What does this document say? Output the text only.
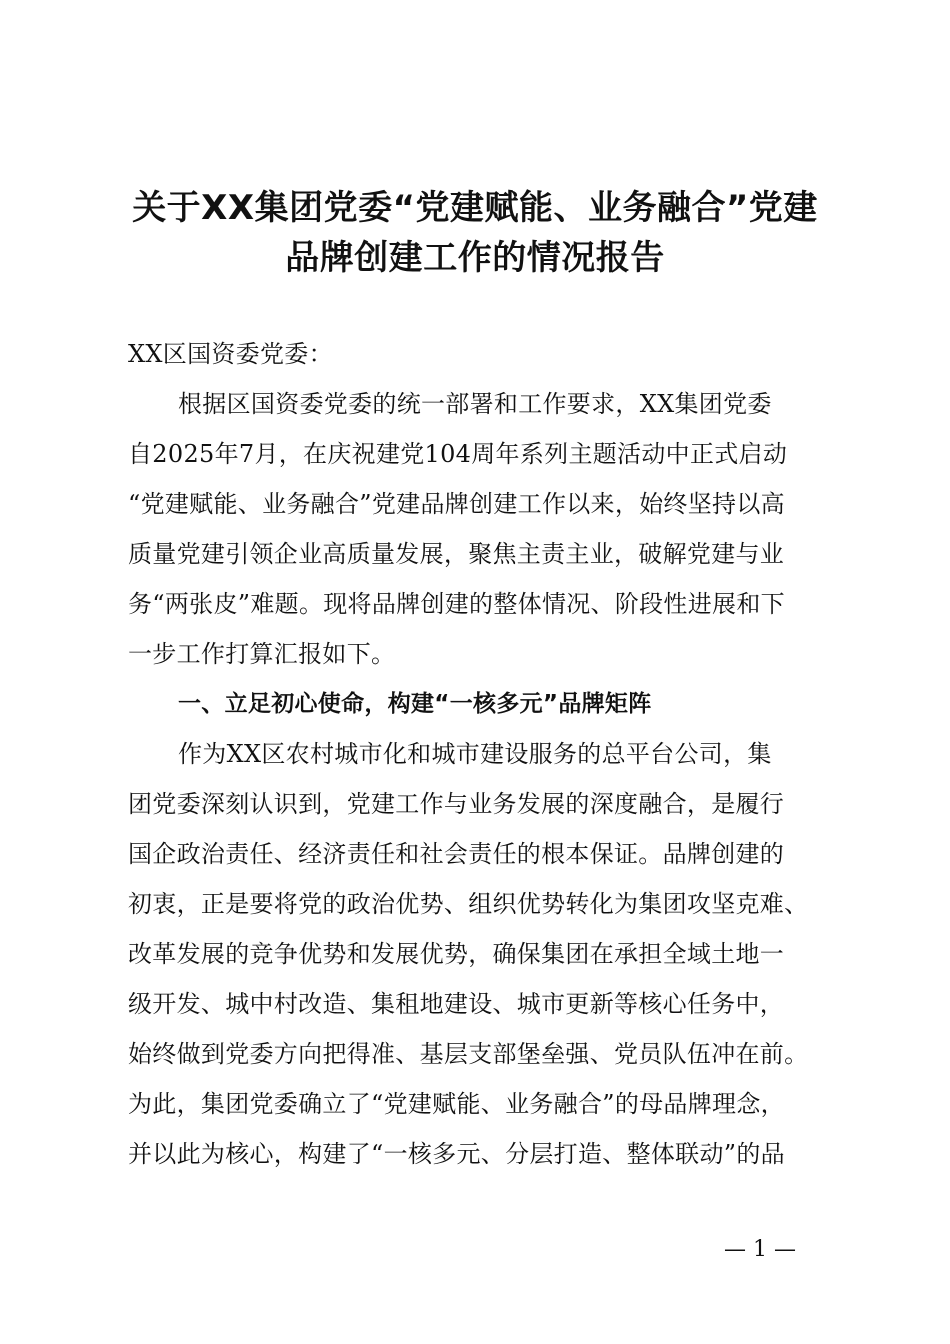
关于XX集团党委“党建赋能、业务融合”党建
品牌创建工作的情况报告
XX区国资委党委：
根据区国资委党委的统一部署和工作要求，XX集团党委
自2025年7月，在庆祝建党104周年系列主题活动中正式启动
“党建赋能、业务融合”党建品牌创建工作以来，始终坚持以高
质量党建引领企业高质量发展，聚焦主责主业，破解党建与业
务“两张皮”难题。现将品牌创建的整体情况、阶段性进展和下
一步工作打算汇报如下。
一、立足初心使命，构建“一核多元”品牌矩阵
作为XX区农村城市化和城市建设服务的总平台公司，集
团党委深刻认识到，党建工作与业务发展的深度融合，是履行
国企政治责任、经济责任和社会责任的根本保证。品牌创建的
初衷，正是要将党的政治优势、组织优势转化为集团攻坚克难、
改革发展的竞争优势和发展优势，确保集团在承担全域土地一
级开发、城中村改造、集租地建设、城市更新等核心任务中，
始终做到党委方向把得准、基层支部堡垒强、党员队伍冲在前。
为此，集团党委确立了“党建赋能、业务融合”的母品牌理念，
并以此为核心，构建了“一核多元、分层打造、整体联动”的品
— 1 —
